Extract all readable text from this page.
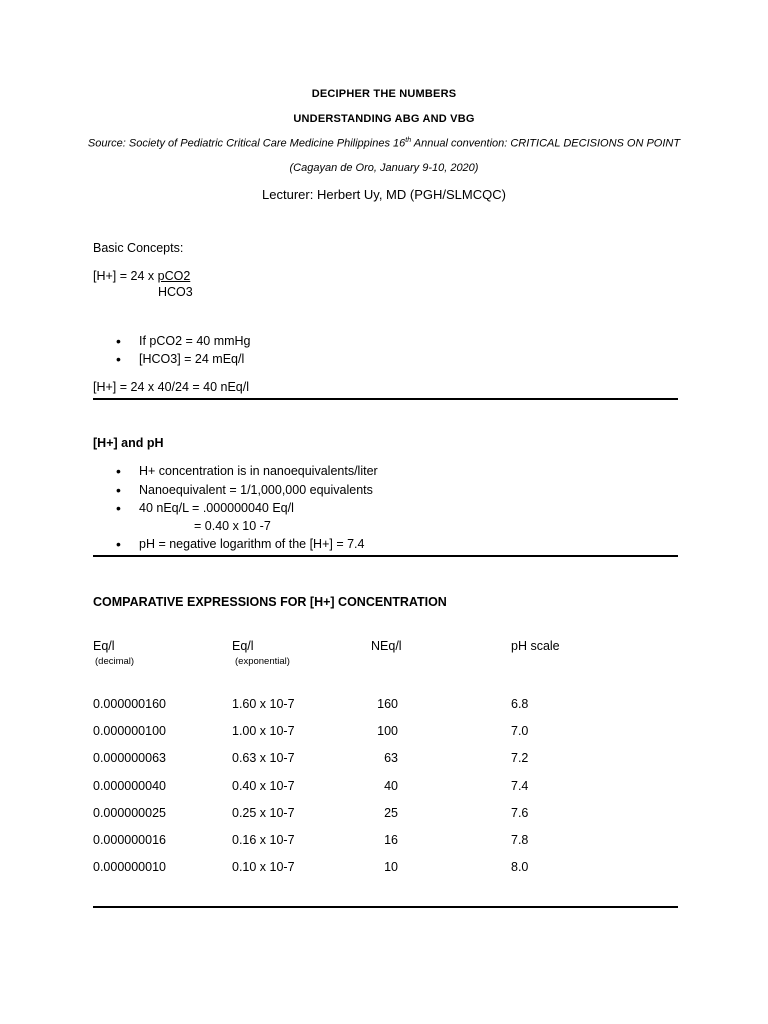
DECIPHER THE NUMBERS
UNDERSTANDING ABG AND VBG
Source: Society of Pediatric Critical Care Medicine Philippines 16th Annual convention: CRITICAL DECISIONS ON POINT
(Cagayan de Oro, January 9-10, 2020)
Lecturer: Herbert Uy, MD (PGH/SLMCQC)
Basic Concepts:
[H+] = 24 x pCO2
HCO3
• If pCO2 = 40 mmHg
• [HCO3] = 24 mEq/l
[H+] = 24 x 40/24 = 40 nEq/l
[H+] and pH
• H+ concentration is in nanoequivalents/liter
• Nanoequivalent = 1/1,000,000 equivalents
• 40 nEq/L = .000000040 Eq/l
= 0.40 x 10 -7
• pH = negative logarithm of the [H+] = 7.4
COMPARATIVE EXPRESSIONS FOR [H+] CONCENTRATION
Eq/l	Eq/l	NEq/l	pH scale
(decimal)	(exponential)
0.000000160	1.60 x 10-7	160	6.8
0.000000100	1.00 x 10-7	100	7.0
0.000000063	0.63 x 10-7	63	7.2
0.000000040	0.40 x 10-7	40	7.4
0.000000025	0.25 x 10-7	25	7.6
0.000000016	0.16 x 10-7	16	7.8
0.000000010	0.10 x 10-7	10	8.0
